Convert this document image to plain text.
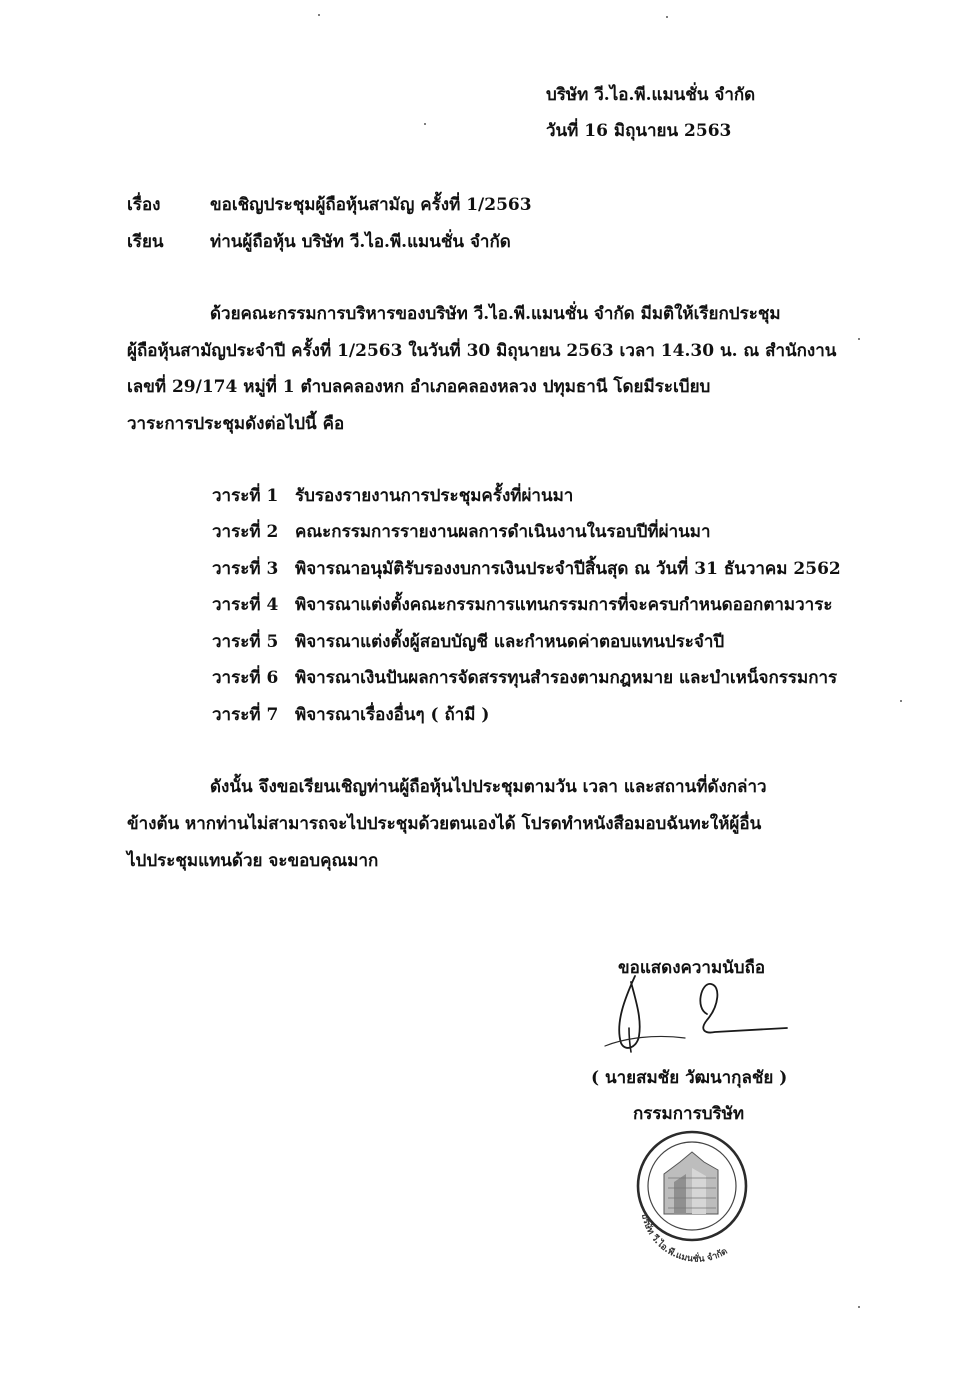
บริษัท วี.ไอ.พี.แมนชั่น จำกัด
วันที่ 16 มิถุนายน 2563
เรื่อง	ขอเชิญประชุมผู้ถือหุ้นสามัญ ครั้งที่ 1/2563
เรียน	ท่านผู้ถือหุ้น บริษัท วี.ไอ.พี.แมนชั่น จำกัด
ด้วยคณะกรรมการบริหารของบริษัท วี.ไอ.พี.แมนชั่น จำกัด มีมติให้เรียกประชุม
ผู้ถือหุ้นสามัญประจำปี ครั้งที่ 1/2563 ในวันที่ 30 มิถุนายน 2563 เวลา 14.30 น. ณ สำนักงาน
เลขที่ 29/174 หมู่ที่ 1 ตำบลคลองหก อำเภอคลองหลวง ปทุมธานี โดยมีระเบียบ
วาระการประชุมดังต่อไปนี้ คือ
วาระที่ 1 รับรองรายงานการประชุมครั้งที่ผ่านมา
วาระที่ 2 คณะกรรมการรายงานผลการดำเนินงานในรอบปีที่ผ่านมา
วาระที่ 3 พิจารณาอนุมัติรับรองงบการเงินประจำปีสิ้นสุด ณ วันที่ 31 ธันวาคม 2562
วาระที่ 4 พิจารณาแต่งตั้งคณะกรรมการแทนกรรมการที่จะครบกำหนดออกตามวาระ
วาระที่ 5 พิจารณาแต่งตั้งผู้สอบบัญชี และกำหนดค่าตอบแทนประจำปี
วาระที่ 6 พิจารณาเงินปันผลการจัดสรรทุนสำรองตามกฎหมาย และบำเหน็จกรรมการ
วาระที่ 7 พิจารณาเรื่องอื่นๆ ( ถ้ามี )
ดังนั้น จึงขอเรียนเชิญท่านผู้ถือหุ้นไปประชุมตามวัน เวลา และสถานที่ดังกล่าว
ข้างต้น หากท่านไม่สามารถจะไปประชุมด้วยตนเองได้ โปรดทำหนังสือมอบฉันทะให้ผู้อื่น
ไปประชุมแทนด้วย จะขอบคุณมาก
ขอแสดงความนับถือ
( นายสมชัย วัฒนากุลชัย )
กรรมการบริษัท
บริษัท วี.ไอ.พี.แมนชั่น จำกัด
